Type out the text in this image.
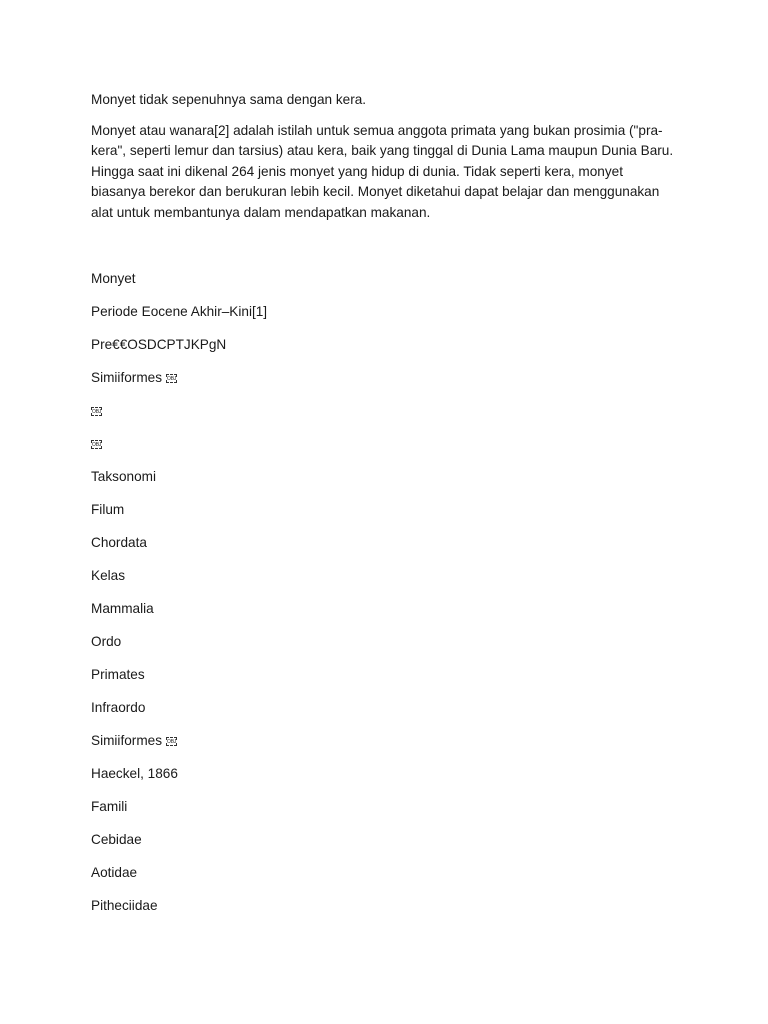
Monyet tidak sepenuhnya sama dengan kera.

Monyet atau wanara[2] adalah istilah untuk semua anggota primata yang bukan prosimia ("pra-kera", seperti lemur dan tarsius) atau kera, baik yang tinggal di Dunia Lama maupun Dunia Baru. Hingga saat ini dikenal 264 jenis monyet yang hidup di dunia. Tidak seperti kera, monyet biasanya berekor dan berukuran lebih kecil. Monyet diketahui dapat belajar dan menggunakan alat untuk membantunya dalam mendapatkan makanan.

Monyet
Periode Eocene Akhir–Kini[1]
Pre€€OSDCPTJKPgN
Simiiformes OBJ
OBJ
OBJ
Taksonomi
Filum
Chordata
Kelas
Mammalia
Ordo
Primates
Infraordo
Simiiformes OBJ
Haeckel, 1866
Famili
Cebidae
Aotidae
Pitheciidae
